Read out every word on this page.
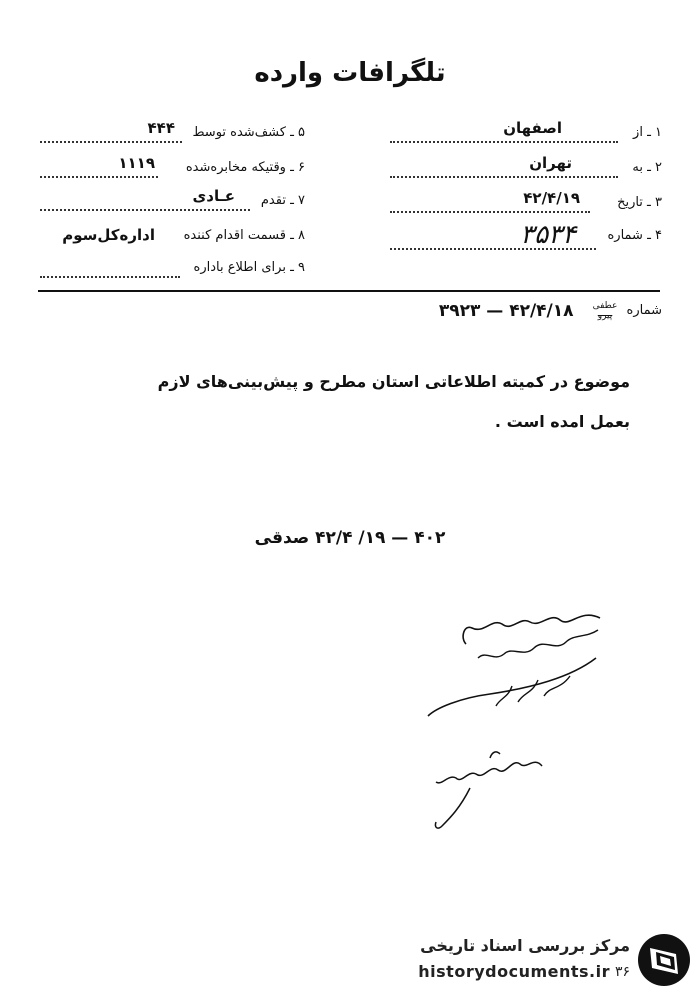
تلگرافات وارده
۱ ـ از
اصفهان
۲ ـ به
تهران
۳ ـ تاریخ
۴۲/۴/۱۹
۴ ـ شماره
۳۵۳۴
۵ ـ کشف‌شده توسط
۴۴۴
۶ ـ وقتیکه مخابره‌شده
۱۱۱۹
۷ ـ تقدم
عـادی
۸ ـ قسمت اقدام کننده
اداره‌کل‌سوم
۹ ـ برای اطلاع باداره
شماره عطفی
پیرو ۴۲/۴/۱۸ — ۳۹۲۳
موضوع در کمیته اطلاعاتی استان مطرح و پیش‌بینی‌های لازم
بعمل امده است .
۴۰۲ — ۱۹/ ۴۲/۴ صدقی
مرکز بررسی اسناد تاریخی
۳۶
historydocuments.ir
